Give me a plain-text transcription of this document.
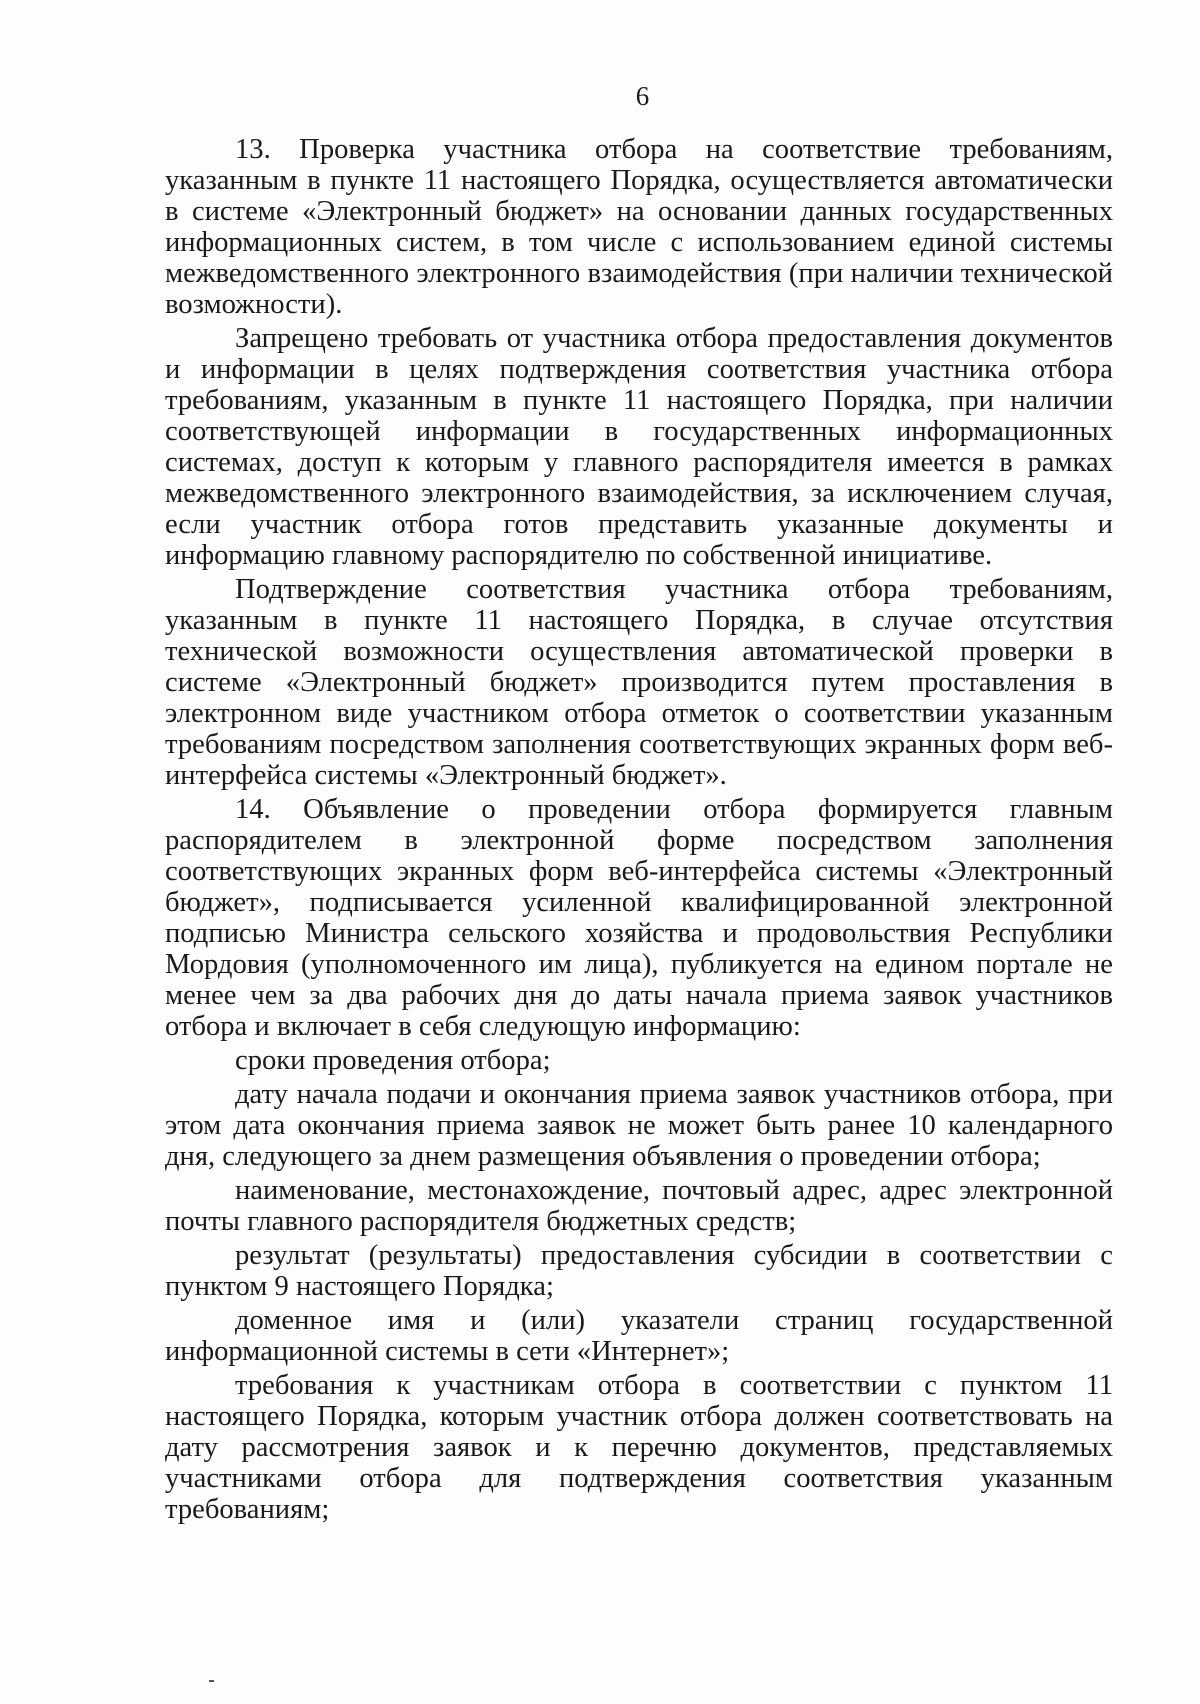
6

13. Проверка участника отбора на соответствие требованиям, указанным в пункте 11 настоящего Порядка, осуществляется автоматически в системе «Электронный бюджет» на основании данных государственных информационных систем, в том числе с использованием единой системы межведомственного электронного взаимодействия (при наличии технической возможности).

Запрещено требовать от участника отбора предоставления документов и информации в целях подтверждения соответствия участника отбора требованиям, указанным в пункте 11 настоящего Порядка, при наличии соответствующей информации в государственных информационных системах, доступ к которым у главного распорядителя имеется в рамках межведомственного электронного взаимодействия, за исключением случая, если участник отбора готов представить указанные документы и информацию главному распорядителю по собственной инициативе.

Подтверждение соответствия участника отбора требованиям, указанным в пункте 11 настоящего Порядка, в случае отсутствия технической возможности осуществления автоматической проверки в системе «Электронный бюджет» производится путем проставления в электронном виде участником отбора отметок о соответствии указанным требованиям посредством заполнения соответствующих экранных форм веб-интерфейса системы «Электронный бюджет».

14. Объявление о проведении отбора формируется главным распорядителем в электронной форме посредством заполнения соответствующих экранных форм веб-интерфейса системы «Электронный бюджет», подписывается усиленной квалифицированной электронной подписью Министра сельского хозяйства и продовольствия Республики Мордовия (уполномоченного им лица), публикуется на едином портале не менее чем за два рабочих дня до даты начала приема заявок участников отбора и включает в себя следующую информацию:

сроки проведения отбора;

дату начала подачи и окончания приема заявок участников отбора, при этом дата окончания приема заявок не может быть ранее 10 календарного дня, следующего за днем размещения объявления о проведении отбора;

наименование, местонахождение, почтовый адрес, адрес электронной почты главного распорядителя бюджетных средств;

результат (результаты) предоставления субсидии в соответствии с пунктом 9 настоящего Порядка;

доменное имя и (или) указатели страниц государственной информационной системы в сети «Интернет»;

требования к участникам отбора в соответствии с пунктом 11 настоящего Порядка, которым участник отбора должен соответствовать на дату рассмотрения заявок и к перечню документов, представляемых участниками отбора для подтверждения соответствия указанным требованиям;
